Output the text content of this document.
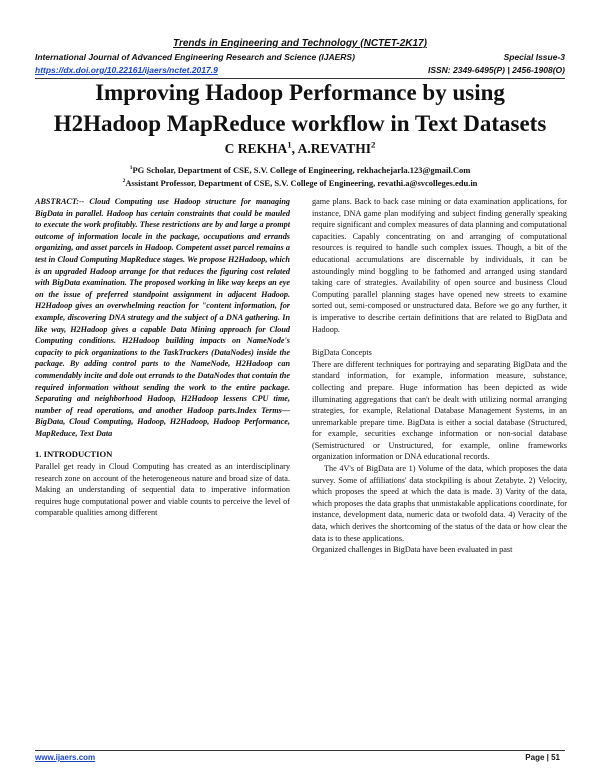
Trends in Engineering and Technology (NCTET-2K17)
International Journal of Advanced Engineering Research and Science (IJAERS)	Special Issue-3
https://dx.doi.org/10.22161/ijaers/nctet.2017.9	ISSN: 2349-6495(P) | 2456-1908(O)
Improving Hadoop Performance by using
H2Hadoop MapReduce workflow in Text Datasets
C REKHA$^1$, A.REVATHI$^2$
$^1$PG Scholar, Department of CSE, S.V. College of Engineering, rekhachejarla.123@gmail.Com
$^2$Assistant Professor, Department of CSE, S.V. College of Engineering, revathi.a@svcolleges.edu.in

ABSTRACT:-- Cloud Computing use Hadoop structure for managing BigData in parallel. Hadoop has certain constraints that could be mauled to execute the work profitably. These restrictions are by and large a prompt outcome of information locale in the package, occupations and errands organizing, and asset parcels in Hadoop. Competent asset parcel remains a test in Cloud Computing MapReduce stages. We propose H2Hadoop, which is an upgraded Hadoop arrange for that reduces the figuring cost related with BigData examination. The proposed working in like way keeps an eye on the issue of preferred standpoint assignment in adjacent Hadoop. H2Hadoop gives an overwhelming reaction for "content information, for example, discovering DNA strategy and the subject of a DNA gathering. In like way, H2Hadoop gives a capable Data Mining approach for Cloud Computing conditions. H2Hadoop building impacts on NameNode's capacity to pick organizations to the TaskTrackers (DataNodes) inside the package. By adding control parts to the NameNode, H2Hadoop can commendably incite and dole out errands to the DataNodes that contain the required information without sending the work to the entire package. Separating and neighborhood Hadoop, H2Hadoop lessens CPU time, number of read operations, and another Hadoop parts.Index Terms— BigData, Cloud Computing, Hadoop, H2Hadoop, Hadoop Performance, MapReduce, Text Data

1. INTRODUCTION

Parallel get ready in Cloud Computing has created as an interdisciplinary research zone on account of the heterogeneous nature and broad size of data. Making an understanding of sequential data to imperative information requires huge computational power and viable counts to perceive the level of comparable qualities among different

game plans. Back to back case mining or data examination applications, for instance, DNA game plan modifying and subject finding generally speaking require significant and complex measures of data planning and computational capacities. Capably concentrating on and arranging of computational resources is required to handle such complex issues. Though, a bit of the educational accumulations are discernable by individuals, it can be astoundingly mind boggling to be fathomed and arranged using standard taking care of strategies. Availability of open source and business Cloud Computing parallel planning stages have opened new streets to examine sorted out, semi-composed or unstructured data. Before we go any further, it is imperative to describe certain definitions that are related to BigData and Hadoop.

BigData Concepts

There are different techniques for portraying and separating BigData and the standard information, for example, information measure, substance, collecting and prepare. Huge information has been depicted as wide illuminating aggregations that can't be dealt with utilizing normal arranging strategies, for example, Relational Database Management Systems, in an unremarkable prepare time. BigData is either a social database (Structured, for example, securities exchange information or non-social database (Semistructured or Unstructured, for example, online frameworks organization information or DNA educational records.

The 4V's of BigData are 1) Volume of the data, which proposes the data survey. Some of affiliations' data stockpiling is about Zetabyte. 2) Velocity, which proposes the speed at which the data is made. 3) Varity of the data, which proposes the data graphs that unmistakable applications coordinate, for instance, development data, numeric data or twofold data. 4) Veracity of the data, which derives the shortcoming of the status of the data or how clear the data is to these applications.

Organized challenges in BigData have been evaluated in past

www.ijaers.com	Page | 51
